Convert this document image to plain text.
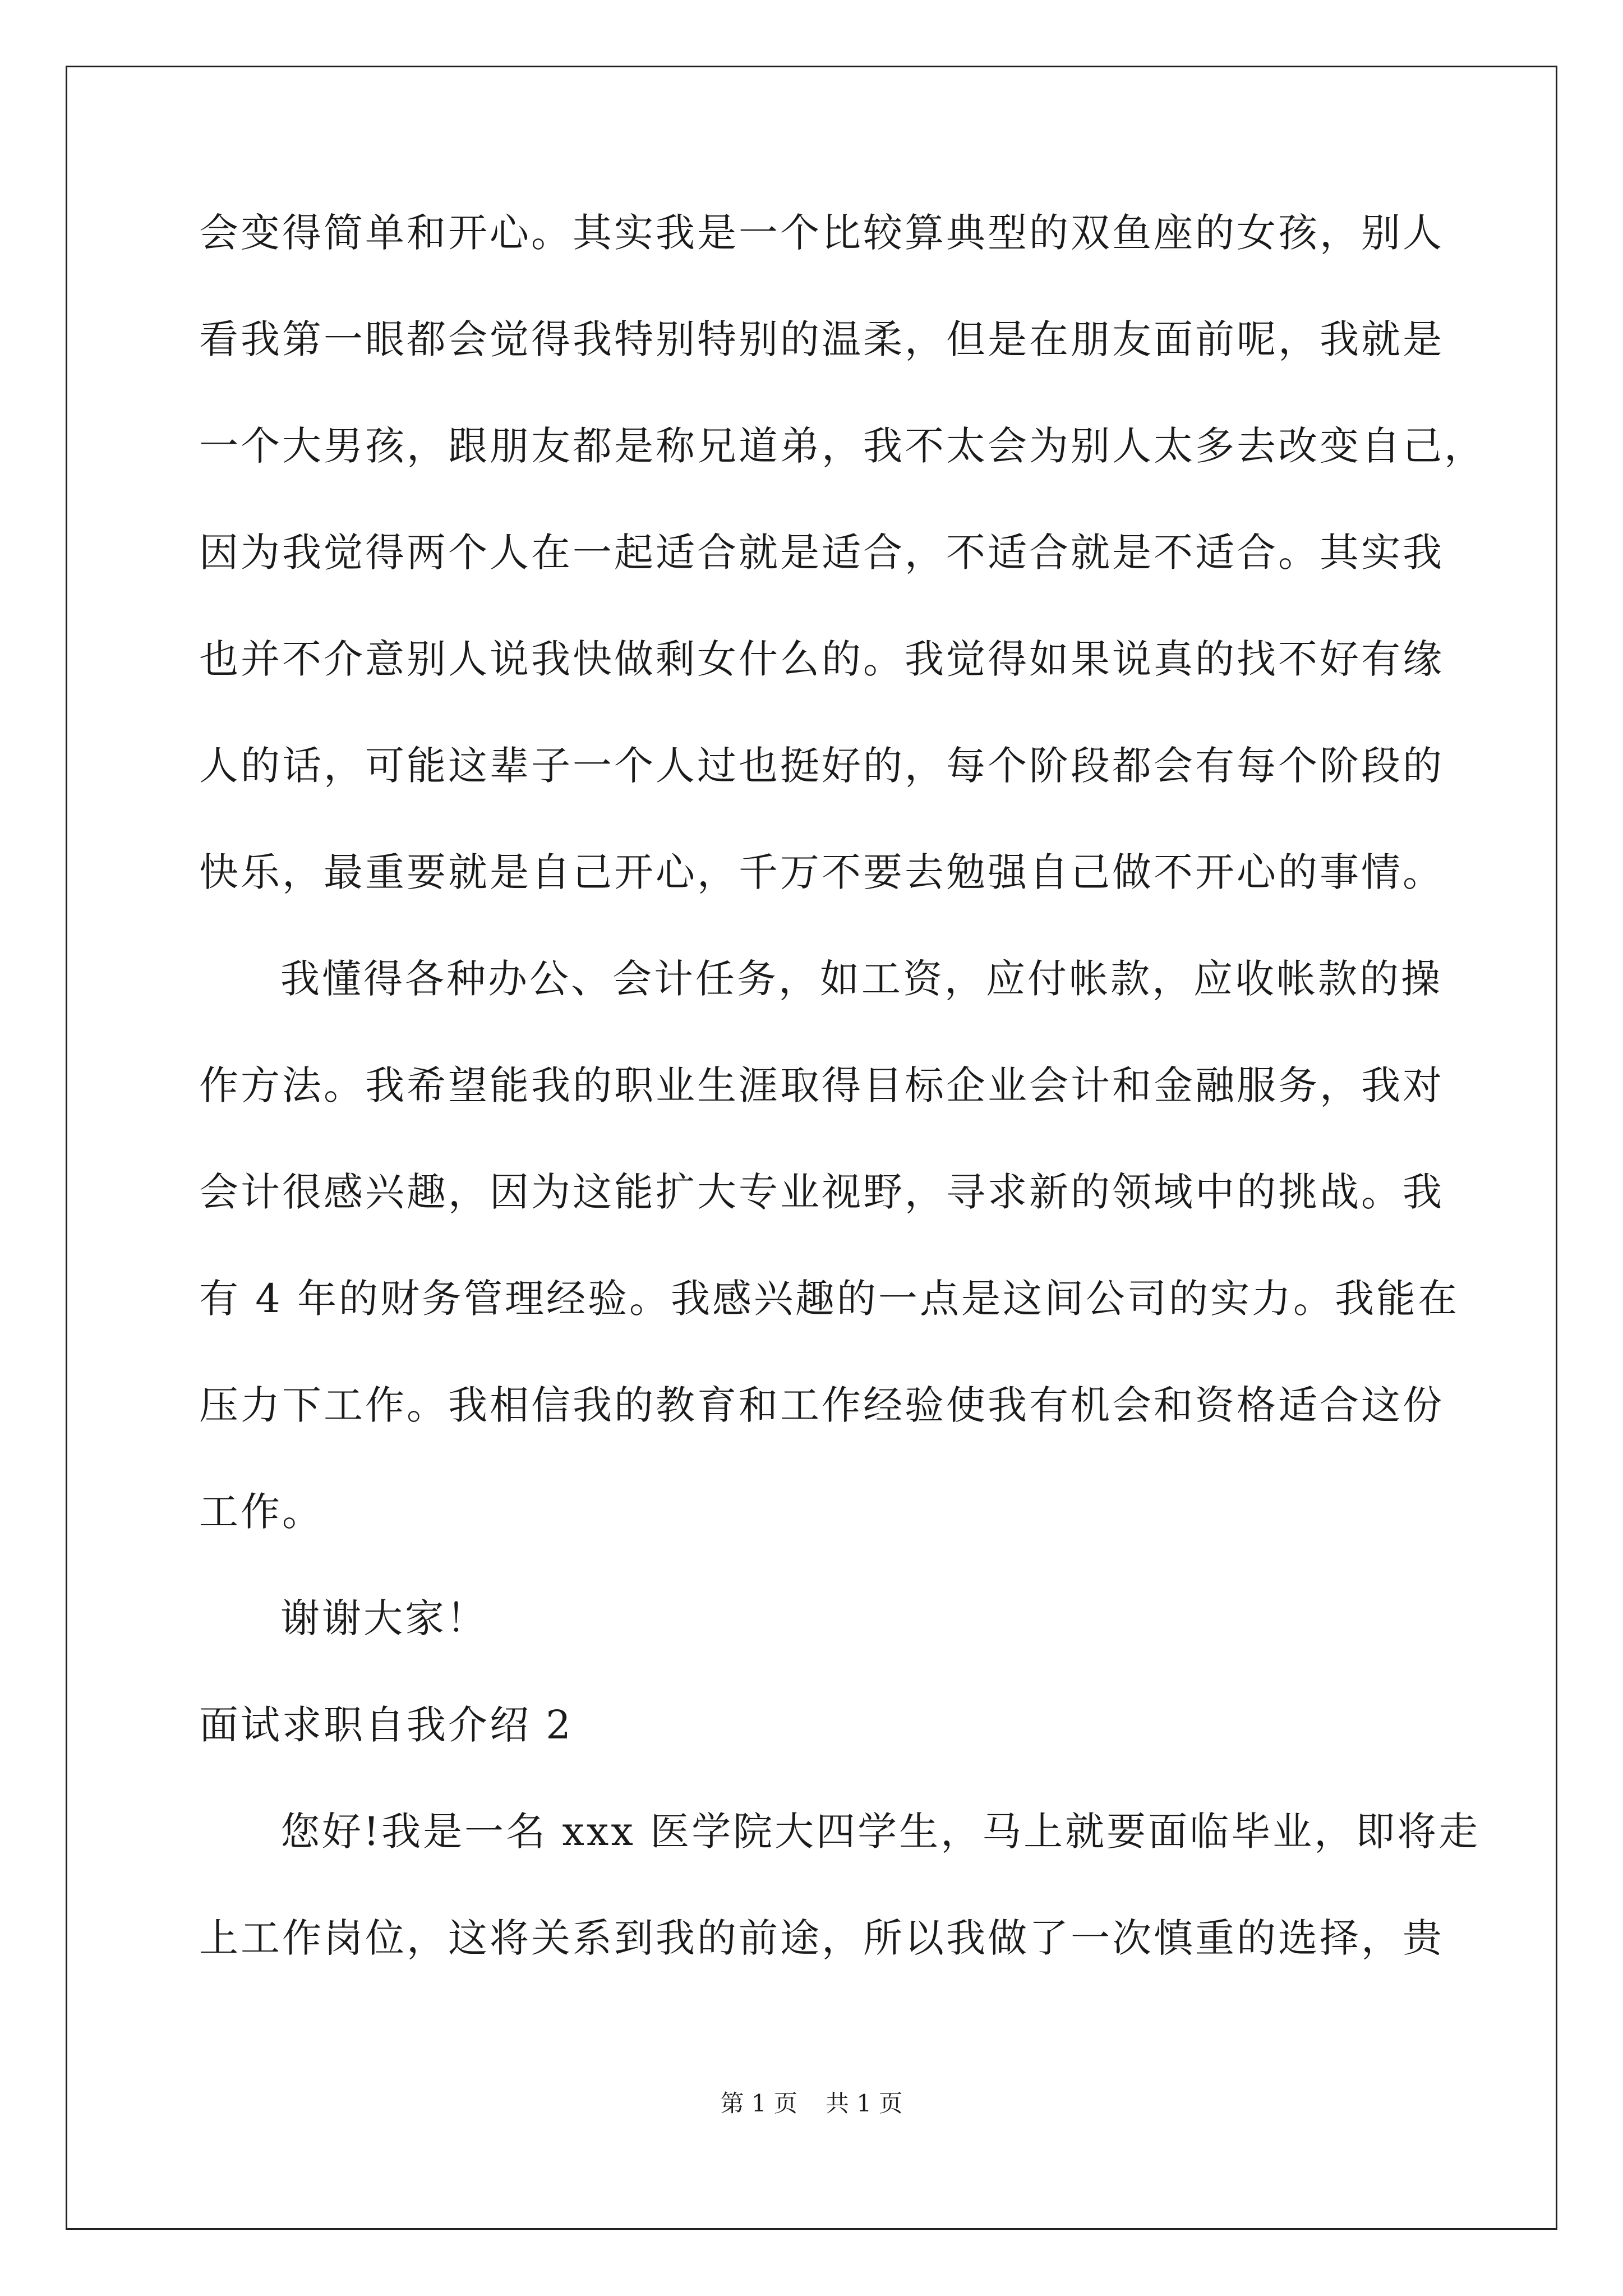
会变得简单和开心。其实我是一个比较算典型的双鱼座的女孩，别人
看我第一眼都会觉得我特别特别的温柔，但是在朋友面前呢，我就是
一个大男孩，跟朋友都是称兄道弟，我不太会为别人太多去改变自己，
因为我觉得两个人在一起适合就是适合，不适合就是不适合。其实我
也并不介意别人说我快做剩女什么的。我觉得如果说真的找不好有缘
人的话，可能这辈子一个人过也挺好的，每个阶段都会有每个阶段的
快乐，最重要就是自己开心，千万不要去勉强自己做不开心的事情。
我懂得各种办公、会计任务，如工资，应付帐款，应收帐款的操
作方法。我希望能我的职业生涯取得目标企业会计和金融服务，我对
会计很感兴趣，因为这能扩大专业视野，寻求新的领域中的挑战。我
有 4 年的财务管理经验。我感兴趣的一点是这间公司的实力。我能在
压力下工作。我相信我的教育和工作经验使我有机会和资格适合这份
工作。
谢谢大家！
面试求职自我介绍 2
您好!我是一名 xxx 医学院大四学生，马上就要面临毕业，即将走
上工作岗位，这将关系到我的前途，所以我做了一次慎重的选择，贵
第 1 页 共 1 页
